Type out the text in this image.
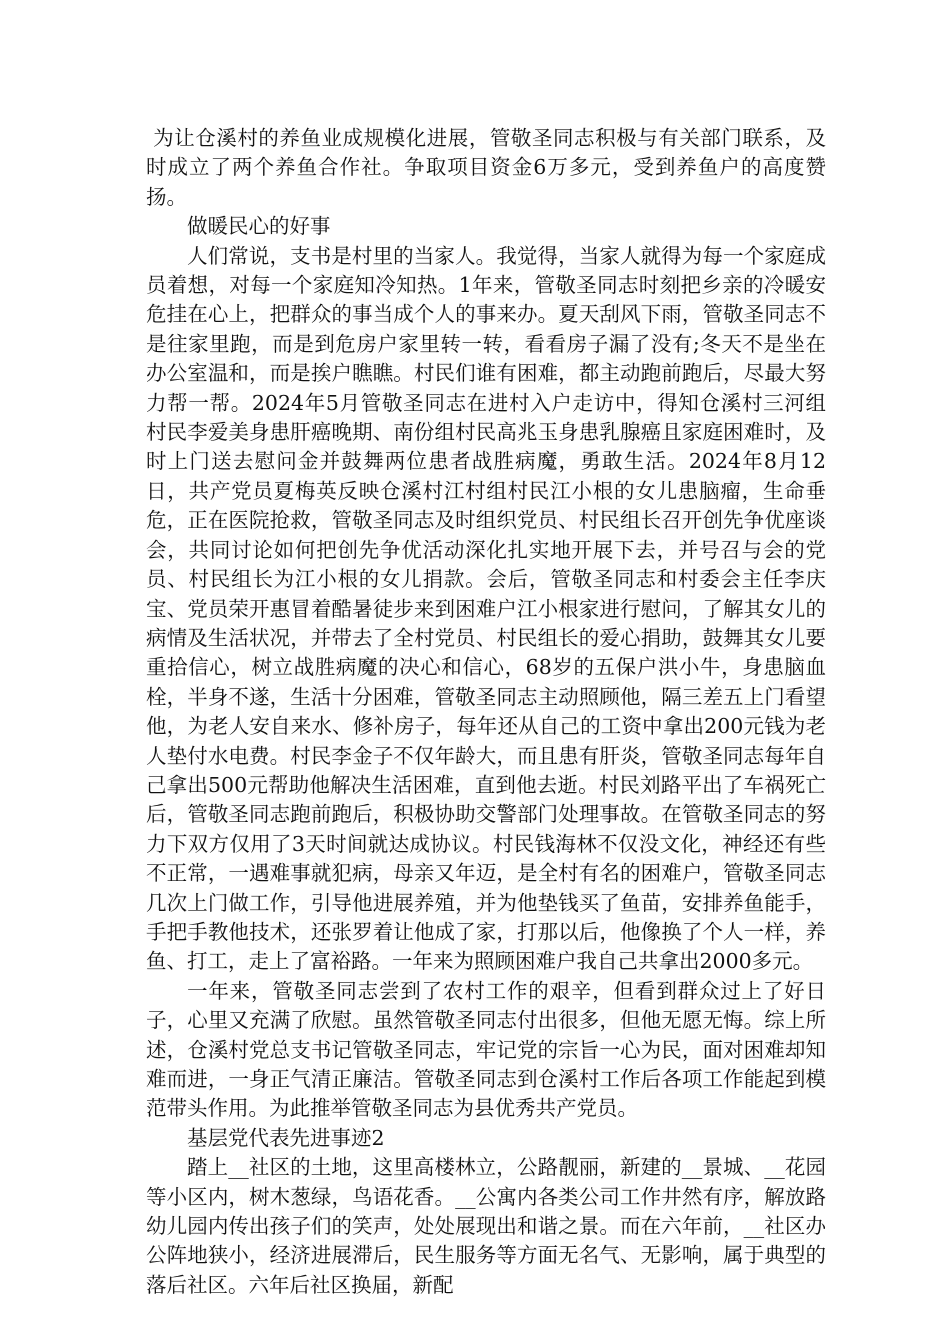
为让仓溪村的养鱼业成规模化进展，管敬圣同志积极与有关部门联系，及时成立了两个养鱼合作社。争取项目资金6万多元，受到养鱼户的高度赞扬。

做暖民心的好事

人们常说，支书是村里的当家人。我觉得，当家人就得为每一个家庭成员着想，对每一个家庭知冷知热。1年来，管敬圣同志时刻把乡亲的冷暖安危挂在心上，把群众的事当成个人的事来办。夏天刮风下雨，管敬圣同志不是往家里跑，而是到危房户家里转一转，看看房子漏了没有;冬天不是坐在办公室温和，而是挨户瞧瞧。村民们谁有困难，都主动跑前跑后，尽最大努力帮一帮。2024年5月管敬圣同志在进村入户走访中，得知仓溪村三河组村民李爱美身患肝癌晚期、南份组村民高兆玉身患乳腺癌且家庭困难时，及时上门送去慰问金并鼓舞两位患者战胜病魔，勇敢生活。2024年8月12日，共产党员夏梅英反映仓溪村江村组村民江小根的女儿患脑瘤，生命垂危，正在医院抢救，管敬圣同志及时组织党员、村民组长召开创先争优座谈会，共同讨论如何把创先争优活动深化扎实地开展下去，并号召与会的党员、村民组长为江小根的女儿捐款。会后，管敬圣同志和村委会主任李庆宝、党员荣开惠冒着酷暑徒步来到困难户江小根家进行慰问，了解其女儿的病情及生活状况，并带去了全村党员、村民组长的爱心捐助，鼓舞其女儿要重拾信心，树立战胜病魔的决心和信心，68岁的五保户洪小牛，身患脑血栓，半身不遂，生活十分困难，管敬圣同志主动照顾他，隔三差五上门看望他，为老人安自来水、修补房子，每年还从自己的工资中拿出200元钱为老人垫付水电费。村民李金子不仅年龄大，而且患有肝炎，管敬圣同志每年自己拿出500元帮助他解决生活困难，直到他去逝。村民刘路平出了车祸死亡后，管敬圣同志跑前跑后，积极协助交警部门处理事故。在管敬圣同志的努力下双方仅用了3天时间就达成协议。村民钱海林不仅没文化，神经还有些不正常，一遇难事就犯病，母亲又年迈，是全村有名的困难户，管敬圣同志几次上门做工作，引导他进展养殖，并为他垫钱买了鱼苗，安排养鱼能手，手把手教他技术，还张罗着让他成了家，打那以后，他像换了个人一样，养鱼、打工，走上了富裕路。一年来为照顾困难户我自己共拿出2000多元。

一年来，管敬圣同志尝到了农村工作的艰辛，但看到群众过上了好日子，心里又充满了欣慰。虽然管敬圣同志付出很多，但他无愿无悔。综上所述，仓溪村党总支书记管敬圣同志，牢记党的宗旨一心为民，面对困难却知难而进，一身正气清正廉洁。管敬圣同志到仓溪村工作后各项工作能起到模范带头作用。为此推举管敬圣同志为县优秀共产党员。

基层党代表先进事迹2

踏上__社区的土地，这里高楼林立，公路靓丽，新建的__景城、__花园等小区内，树木葱绿，鸟语花香。__公寓内各类公司工作井然有序，解放路幼儿园内传出孩子们的笑声，处处展现出和谐之景。而在六年前，__社区办公阵地狭小，经济进展滞后，民生服务等方面无名气、无影响，属于典型的落后社区。六年后社区换届，新配
